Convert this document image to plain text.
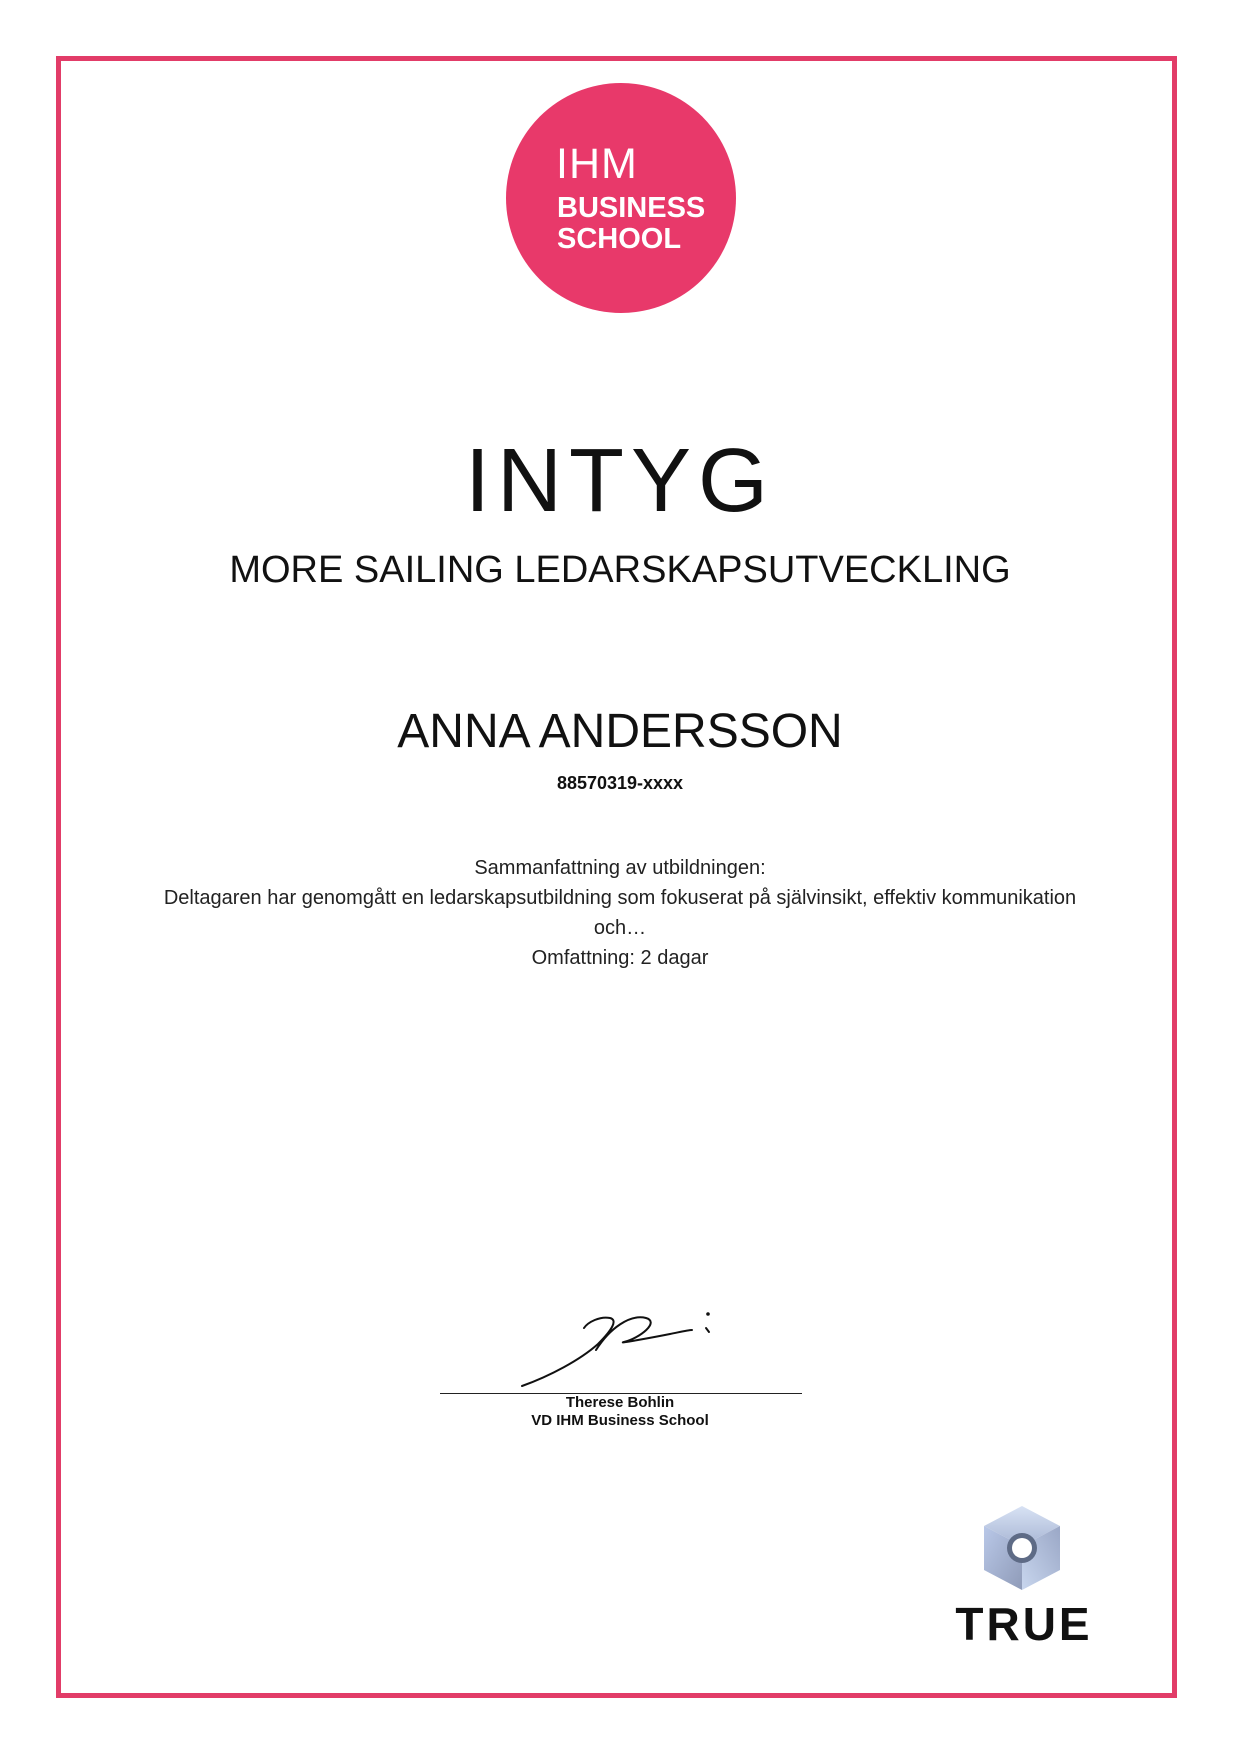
IHM
BUSINESS
SCHOOL
INTYG
MORE SAILING LEDARSKAPSUTVECKLING
ANNA ANDERSSON
88570319-xxxx
Sammanfattning av utbildningen:
Deltagaren har genomgått en ledarskapsutbildning som fokuserat på självinsikt, effektiv kommunikation
och…
Omfattning: 2 dagar
Therese Bohlin
VD IHM Business School
TRUE
